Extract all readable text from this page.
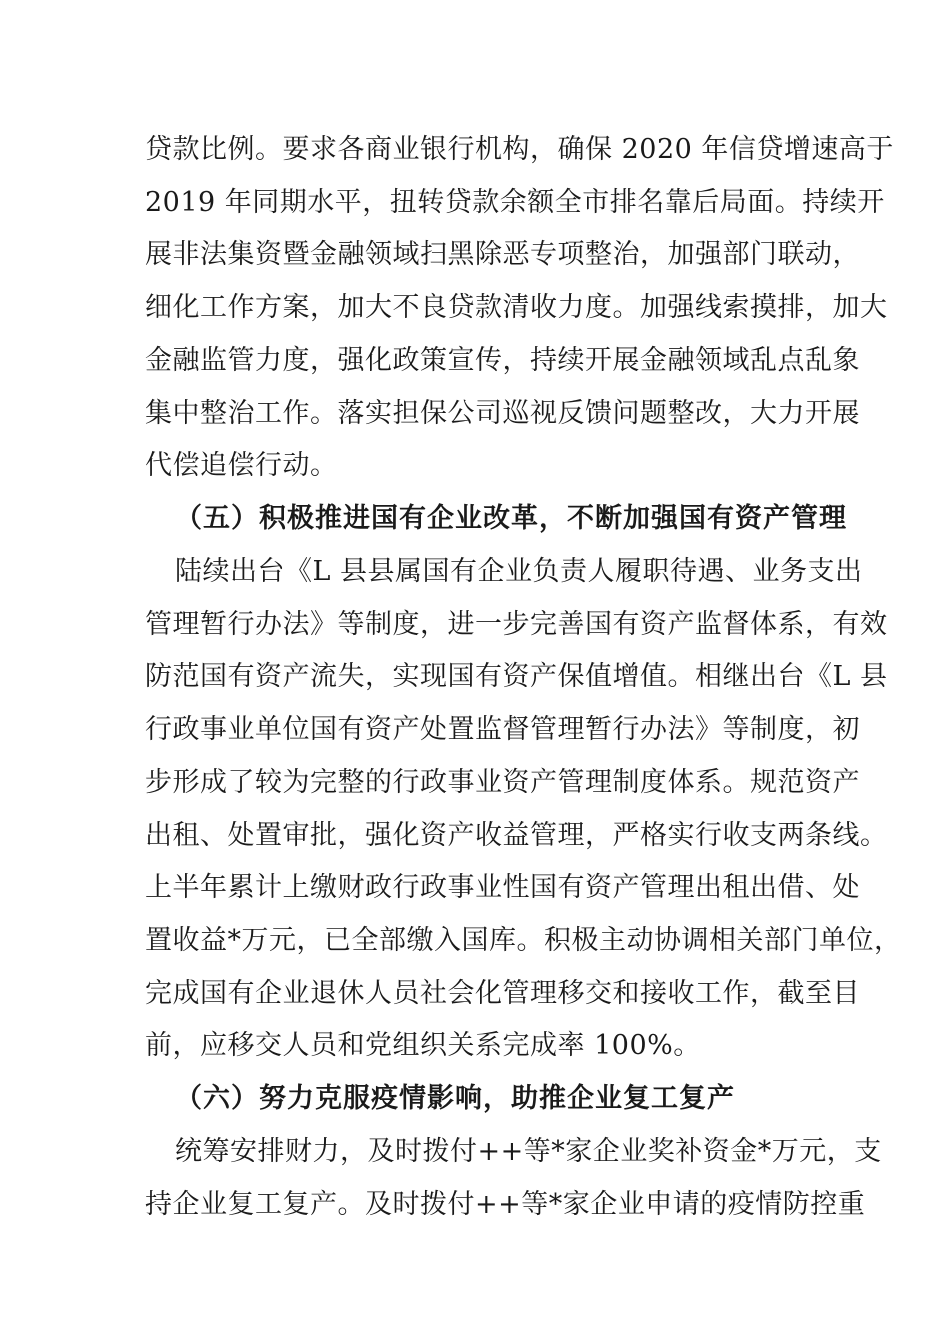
贷款比例。要求各商业银行机构，确保 2020 年信贷增速高于
2019 年同期水平，扭转贷款余额全市排名靠后局面。持续开
展非法集资暨金融领域扫黑除恶专项整治，加强部门联动，
细化工作方案，加大不良贷款清收力度。加强线索摸排，加大
金融监管力度，强化政策宣传，持续开展金融领域乱点乱象
集中整治工作。落实担保公司巡视反馈问题整改，大力开展
代偿追偿行动。
（五）积极推进国有企业改革，不断加强国有资产管理
陆续出台《L 县县属国有企业负责人履职待遇、业务支出
管理暂行办法》等制度，进一步完善国有资产监督体系，有效
防范国有资产流失，实现国有资产保值增值。相继出台《L 县
行政事业单位国有资产处置监督管理暂行办法》等制度，初
步形成了较为完整的行政事业资产管理制度体系。规范资产
出租、处置审批，强化资产收益管理，严格实行收支两条线。
上半年累计上缴财政行政事业性国有资产管理出租出借、处
置收益*万元，已全部缴入国库。积极主动协调相关部门单位，
完成国有企业退休人员社会化管理移交和接收工作，截至目
前，应移交人员和党组织关系完成率 100%。
（六）努力克服疫情影响，助推企业复工复产
统筹安排财力，及时拨付++等*家企业奖补资金*万元，支
持企业复工复产。及时拨付++等*家企业申请的疫情防控重
